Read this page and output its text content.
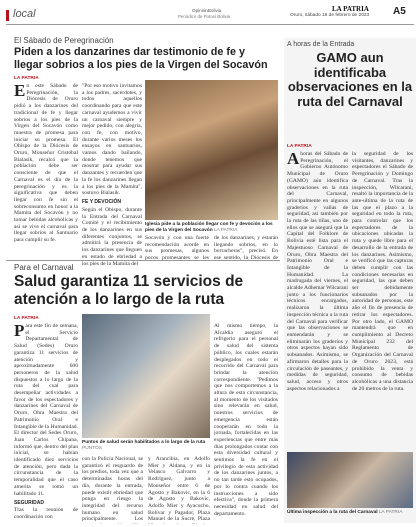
local	OpiniónBolivia
Periódico de Potosí Bolivia
LA PATRIA
Oruro, sábado 18 de febrero de 2023 A5
El Sábado de Peregrinación
Piden a los danzarines dar testimonio de fe y llegar sobrios a los pies de la Virgen del Socavón
LA PATRIA
E n este Sábado de Peregrinación, la Diócesis de Oruro pidió a los danzarines del tradicional de fe y llegar sobrios a los pies de la Virgen del Socavón como muestra de promesa para iniciar su promesa. El Obispo de la Diócesis de Oruro, Monseñor Cristóbal Bialasik, recalcó que la población debe ser consciente de que el Carnaval es el día de la peregrinación y es la significativa que deben llegar con fe sin el sobreconsumo en honor a la Mamita del Socavón y no tomar bebidas alcohólicas y así se vive el carnaval para llegar sobrios al Santuario para cumplir su fe.
"Por eso motivo invitamos a los padres, sacerdotes, y todos aquellos coordinando para que este carnaval ayudemos a vivir un carnaval siempre y mejor pedido, con alegría, con fe, con motivo, durante varios meses los ensayos en santuarios, vamos dando bailando, donde tenemos que mostrar para ayudar sus danzantes y recuerden que la fe los danzarines llegan a los pies de la Mamita", sostuvo Bialasik.
FE Y DEVOCIÓN
Según el Obispo, durante la Entrada del Carnaval Comité y el recibimiento de los danzarines en sus diferentes conjuntos, se admitirá la presencia de los danzarines que lleguen en estado de ebriedad a los pies de la Mamita del
Iglesia pide a la población llegar con fe y devoción a los pies de la Virgen del Socavón LA PATRIA
Socavón y con una fuerte recomendación acorde en sus promesas, algunos pocos promesantes se les
de los danzarines, y estarán llegando sobrios, en lo borracheras", precisó. En ese sentido, la Diócesis de
A horas de la Entrada
GAMO aun identificaba observaciones en la ruta del Carnaval
LA PATRIA
A horas del Sábado de Peregrinación, el Gobierno Autónomo Municipal de Oruro (GAMO) aún identifica observaciones en la ruta del Carnaval, principalmente en algunos graderíos y vallas de seguridad, así también por la ruta de las riñas, uno de ellos que se asegurá que la Capital del Folklore de Bolivia esté lista para el Majestuoso Carnaval de Oruro, Obra Maestra del Patrimonio Oral e Intangible de la Humanidad. La madrugada del viernes, el alcalde Adhemar Wilcarani junto a los funcionarios técnicos encargados, realizaron la última inspección técnica a la ruta del Carnaval para verificar que las observaciones se enmendarán y se eliminarán los graderíos y otros aspectos hayan sido subsanados. Asimismo, se afirmaron detalles para la circulación de paseantes, y medidas de seguridad, salud, acceso y otros aspectos relacionados a
la seguridad de los visitantes, danzarines y espectadores el Sábado de Peregrinación y Domingo de Carnaval. Tras la inspección, Wilcarani, resaltó la importancia de la ante-ultima de la ruta de las que el plazo a la seguridad en todo la ruta, para controlar que los espectadores de la ubicaciones ubicadas la ruta y quede libre para el desarrollo de la entrada de los danzarines. Asimismo, se verificó que las capturas deben cumplir con las condiciones necesarias en seguridad, las que deben ser debidamente subsanados por la autoridad de personas, este año el fin de presencia de retirar los espectadores. Por otro lado, el GAMO mantendrá que en cumplimiento al Decreto Municipal 232 del Reglamento de Organización del Carnaval de Oruro 2023, está prohibido la venta y consumo de bebidas alcohólicas a una distancia de 20 metros de la ruta.
Última inspección a la ruta del Carnaval LA PATRIA
Para el Carnaval
Salud garantiza 11 servicios de atención a lo largo de la ruta
LA PATRIA
P ara este fin de semana, el Servicio Departamental de Salud (Sedes) Oruro garantiza 11 servicios de atención y aproximadamente 600 personeros de la salud dispuestos a lo largo de la ruta del cual para desempeñar actividades a favor de los espectadores y danzarines del Carnaval de Oruro, Obra Maestra del Patrimonio Oral e Intangible de la Humanidad. El director del Sedes Oruro, Juan Carlos Chipana, informó que, dentro del plan inicial, se habían identificado diez servicios de atención, pero dada la circunstancia de la temporalidad que el caso amerita se tomó un habilitado 11.
SEGURIDAD
Tras la reunión de coordinación con
Puntos de salud serán habilitados a lo largo de la ruta PUNTOS
con la Policía Nacional, se garantizó el resguardo de los predios, toda vez que a determinadas horas del día, durante la entrada, puede existir ebriedad que ponga en riesgo la integridad del recurso humano en salud principalmente. Los
y Arancibia, en Adolfo Mier y Aldana, y en la Velasco Galvarro y Rodríguez, junto a Monseñor entre 6 de Agosto y Bakovic, en la 6 de Agosto y Bakovic, Adolfo Mier y Ayacucho, Bolívar y Pagador, Plaza Manuel de la Sucre, Plaza
Al mismo tiempo, la Alcaldía aseguró el refrigerio para el personal de salud del sistema público, los cuales estarán desplegados en todo el recorrido del Carnaval para brindar la atención correspondiente. "Pedimos que nos comportemos a la altura de esta circunstancia, al momento de los visitados sino relevarán en salud, nuestros servicios de emergencia están cooperarán en todo la jornada, fortalecidas en las experiencias que entre más días prolongados contar con esta diversidad cultural y sentimos la fe en el privilegio de esta actividad de los danzarines juntos, a no tan tarde esto ocupados, por lo contra cuando los instrucciones a sido efectiva", donde la primera necesidad en salud del departamento.
